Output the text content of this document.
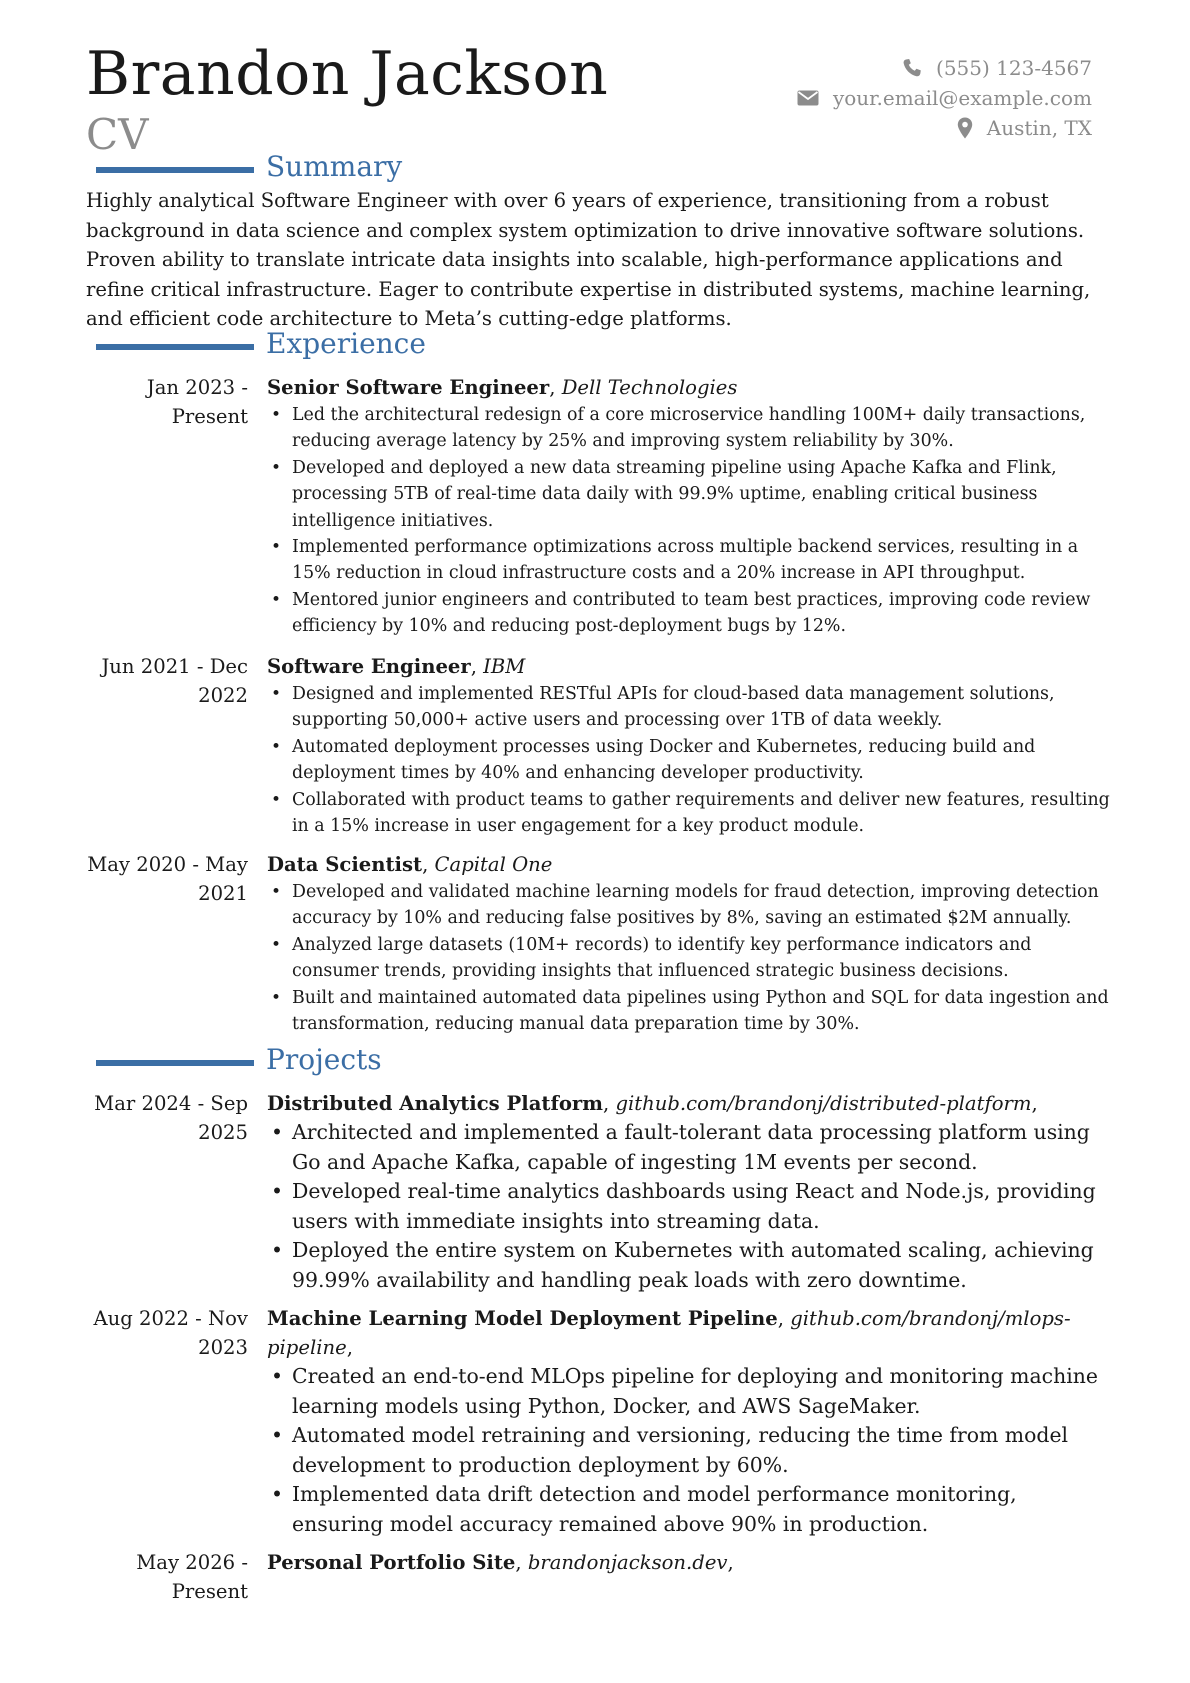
Brandon Jackson
CV
(555) 123-4567
your.email@example.com
Austin, TX
Summary
Highly analytical Software Engineer with over 6 years of experience, transitioning from a robust background in data science and complex system optimization to drive innovative software solutions. Proven ability to translate intricate data insights into scalable, high-performance applications and refine critical infrastructure. Eager to contribute expertise in distributed systems, machine learning, and efficient code architecture to Meta’s cutting-edge platforms.
Experience
Jan 2023 - Present
Senior Software Engineer, Dell Technologies
• Led the architectural redesign of a core microservice handling 100M+ daily transactions, reducing average latency by 25% and improving system reliability by 30%.
• Developed and deployed a new data streaming pipeline using Apache Kafka and Flink, processing 5TB of real-time data daily with 99.9% uptime, enabling critical business intelligence initiatives.
• Implemented performance optimizations across multiple backend services, resulting in a 15% reduction in cloud infrastructure costs and a 20% increase in API throughput.
• Mentored junior engineers and contributed to team best practices, improving code review efficiency by 10% and reducing post-deployment bugs by 12%.
Jun 2021 - Dec 2022
Software Engineer, IBM
• Designed and implemented RESTful APIs for cloud-based data management solutions, supporting 50,000+ active users and processing over 1TB of data weekly.
• Automated deployment processes using Docker and Kubernetes, reducing build and deployment times by 40% and enhancing developer productivity.
• Collaborated with product teams to gather requirements and deliver new features, resulting in a 15% increase in user engagement for a key product module.
May 2020 - May 2021
Data Scientist, Capital One
• Developed and validated machine learning models for fraud detection, improving detection accuracy by 10% and reducing false positives by 8%, saving an estimated $2M annually.
• Analyzed large datasets (10M+ records) to identify key performance indicators and consumer trends, providing insights that influenced strategic business decisions.
• Built and maintained automated data pipelines using Python and SQL for data ingestion and transformation, reducing manual data preparation time by 30%.
Projects
Mar 2024 - Sep 2025
Distributed Analytics Platform, github.com/brandonj/distributed-platform,
• Architected and implemented a fault-tolerant data processing platform using Go and Apache Kafka, capable of ingesting 1M events per second.
• Developed real-time analytics dashboards using React and Node.js, providing users with immediate insights into streaming data.
• Deployed the entire system on Kubernetes with automated scaling, achieving 99.99% availability and handling peak loads with zero downtime.
Aug 2022 - Nov 2023
Machine Learning Model Deployment Pipeline, github.com/brandonj/mlops-pipeline,
• Created an end-to-end MLOps pipeline for deploying and monitoring machine learning models using Python, Docker, and AWS SageMaker.
• Automated model retraining and versioning, reducing the time from model development to production deployment by 60%.
• Implemented data drift detection and model performance monitoring, ensuring model accuracy remained above 90% in production.
May 2026 - Present
Personal Portfolio Site, brandonjackson.dev,
